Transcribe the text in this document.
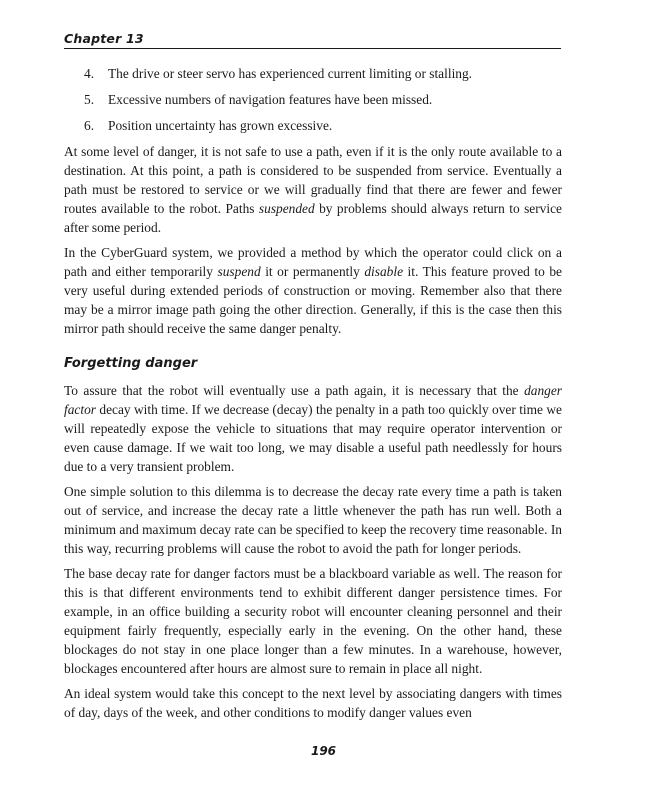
Chapter 13
4.	The drive or steer servo has experienced current limiting or stalling.
5.	Excessive numbers of navigation features have been missed.
6.	Position uncertainty has grown excessive.

At some level of danger, it is not safe to use a path, even if it is the only route available to a destination. At this point, a path is considered to be suspended from service. Eventually a path must be restored to service or we will gradually find that there are fewer and fewer routes available to the robot. Paths suspended by problems should always return to service after some period.

In the CyberGuard system, we provided a method by which the operator could click on a path and either temporarily suspend it or permanently disable it. This feature proved to be very useful during extended periods of construction or moving. Remember also that there may be a mirror image path going the other direction. Generally, if this is the case then this mirror path should receive the same danger penalty.

Forgetting danger

To assure that the robot will eventually use a path again, it is necessary that the danger factor decay with time. If we decrease (decay) the penalty in a path too quickly over time we will repeatedly expose the vehicle to situations that may require operator intervention or even cause damage. If we wait too long, we may disable a useful path needlessly for hours due to a very transient problem.

One simple solution to this dilemma is to decrease the decay rate every time a path is taken out of service, and increase the decay rate a little whenever the path has run well. Both a minimum and maximum decay rate can be specified to keep the recovery time reasonable. In this way, recurring problems will cause the robot to avoid the path for longer periods.

The base decay rate for danger factors must be a blackboard variable as well. The reason for this is that different environments tend to exhibit different danger persistence times. For example, in an office building a security robot will encounter cleaning personnel and their equipment fairly frequently, especially early in the evening. On the other hand, these blockages do not stay in one place longer than a few minutes. In a warehouse, however, blockages encountered after hours are almost sure to remain in place all night.

An ideal system would take this concept to the next level by associating dangers with times of day, days of the week, and other conditions to modify danger values even

196
